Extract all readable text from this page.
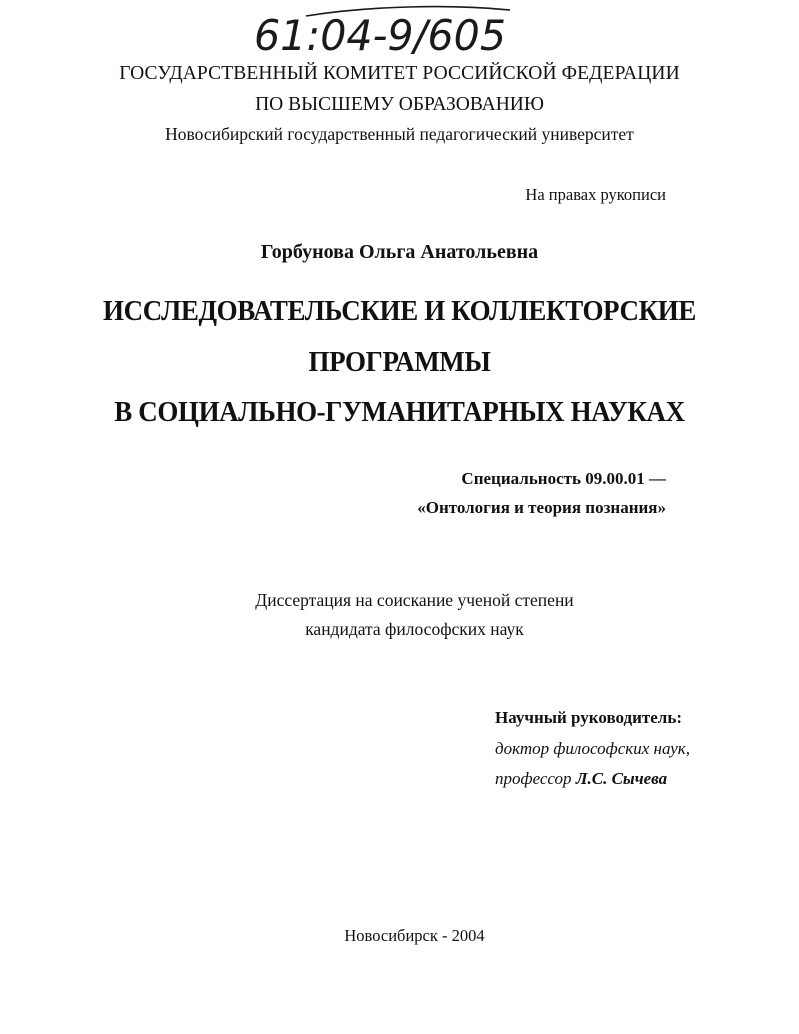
61:04-9/605
ГОСУДАРСТВЕННЫЙ КОМИТЕТ РОССИЙСКОЙ ФЕДЕРАЦИИ
ПО ВЫСШЕМУ ОБРАЗОВАНИЮ
Новосибирский государственный педагогический университет
На правах рукописи
Горбунова Ольга Анатольевна
ИССЛЕДОВАТЕЛЬСКИЕ И КОЛЛЕКТОРСКИЕ
ПРОГРАММЫ
В СОЦИАЛЬНО-ГУМАНИТАРНЫХ НАУКАХ
Специальность 09.00.01 —
«Онтология и теория познания»
Диссертация на соискание ученой степени
кандидата философских наук
Научный руководитель:
доктор философских наук,
профессор Л.С. Сычева
Новосибирск - 2004
